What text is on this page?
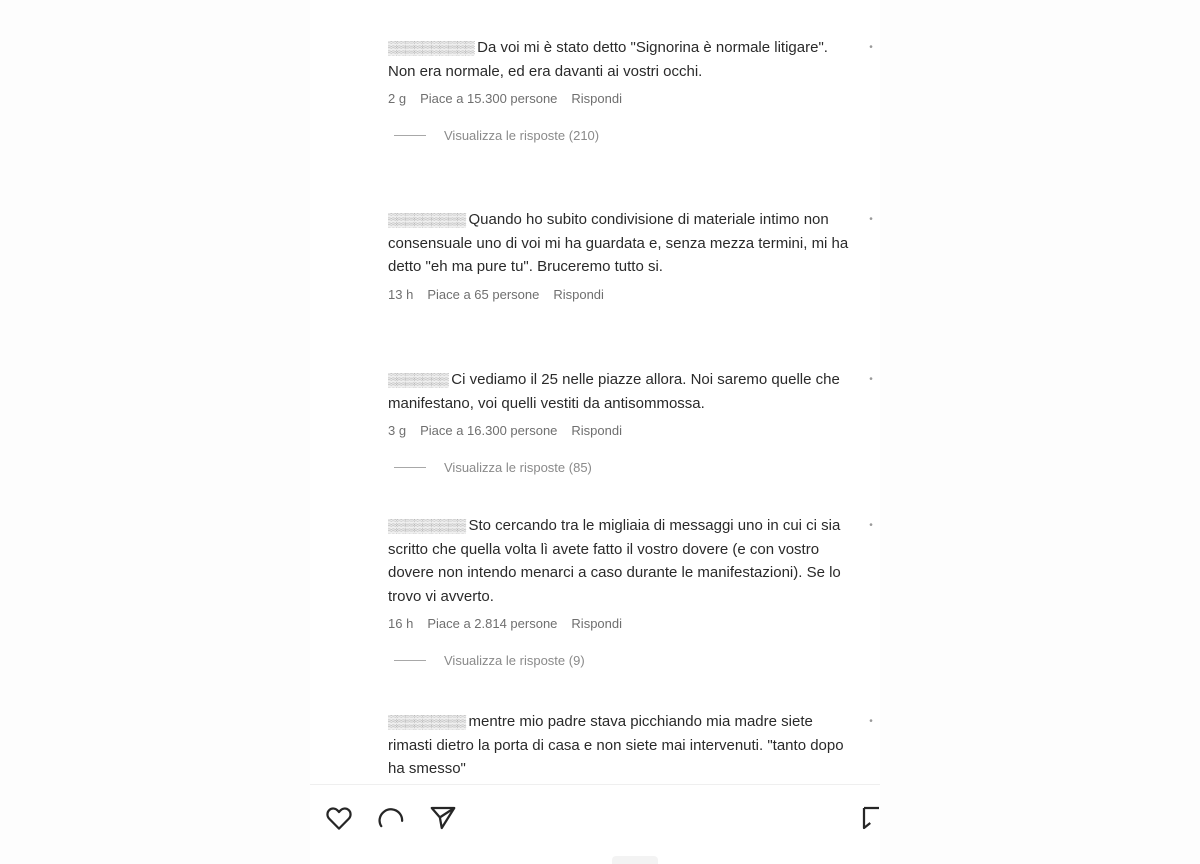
▒▒▒▒▒▒▒▒▒▒ Da voi mi è stato detto "Signorina è normale litigare". Non era normale, ed era davanti ai vostri occhi.

2 g Piace a 15.300 persone Rispondi
Visualizza le risposte (210)
•

▒▒▒▒▒▒▒▒▒ Quando ho subito condivisione di materiale intimo non consensuale uno di voi mi ha guardata e, senza mezza termini, mi ha detto "eh ma pure tu". Bruceremo tutto si.

13 h Piace a 65 persone Rispondi
•

▒▒▒▒▒▒▒ Ci vediamo il 25 nelle piazze allora. Noi saremo quelle che manifestano, voi quelli vestiti da antisommossa.

3 g Piace a 16.300 persone Rispondi
Visualizza le risposte (85)
•

▒▒▒▒▒▒▒▒▒ Sto cercando tra le migliaia di messaggi uno in cui ci sia scritto che quella volta lì avete fatto il vostro dovere (e con vostro dovere non intendo menarci a caso durante le manifestazioni). Se lo trovo vi avverto.

16 h Piace a 2.814 persone Rispondi
Visualizza le risposte (9)
•

▒▒▒▒▒▒▒▒▒ mentre mio padre stava picchiando mia madre siete rimasti dietro la porta di casa e non siete mai intervenuti. "tanto dopo ha smesso"

•
